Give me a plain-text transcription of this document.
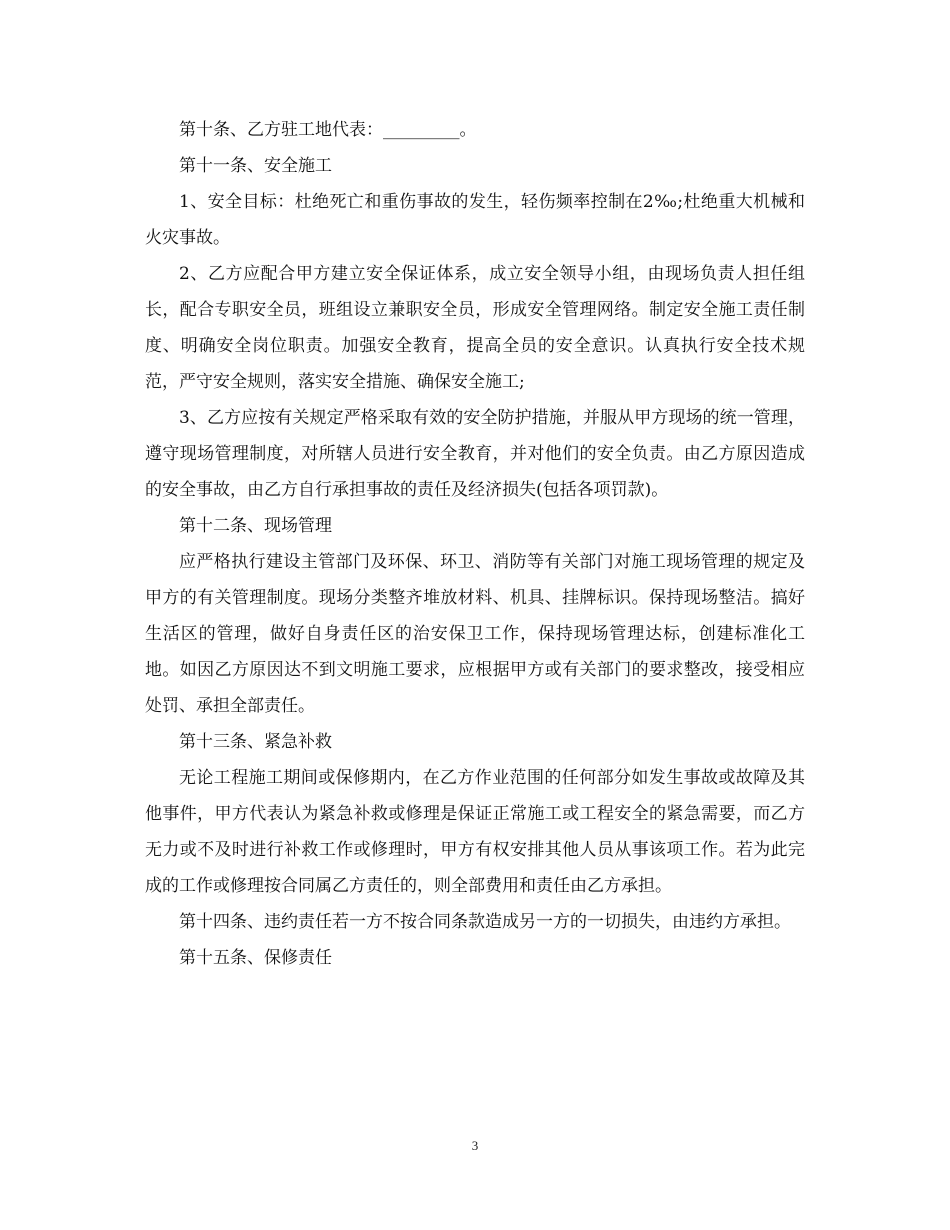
第十条、乙方驻工地代表：_________。

第十一条、安全施工

1、安全目标：杜绝死亡和重伤事故的发生，轻伤频率控制在2‰;杜绝重大机械和火灾事故。

2、乙方应配合甲方建立安全保证体系，成立安全领导小组，由现场负责人担任组长，配合专职安全员，班组设立兼职安全员，形成安全管理网络。制定安全施工责任制度、明确安全岗位职责。加强安全教育，提高全员的安全意识。认真执行安全技术规范，严守安全规则，落实安全措施、确保安全施工;

3、乙方应按有关规定严格采取有效的安全防护措施，并服从甲方现场的统一管理，遵守现场管理制度，对所辖人员进行安全教育，并对他们的安全负责。由乙方原因造成的安全事故，由乙方自行承担事故的责任及经济损失(包括各项罚款)。

第十二条、现场管理

应严格执行建设主管部门及环保、环卫、消防等有关部门对施工现场管理的规定及甲方的有关管理制度。现场分类整齐堆放材料、机具、挂牌标识。保持现场整洁。搞好生活区的管理，做好自身责任区的治安保卫工作，保持现场管理达标，创建标准化工地。如因乙方原因达不到文明施工要求，应根据甲方或有关部门的要求整改，接受相应处罚、承担全部责任。

第十三条、紧急补救

无论工程施工期间或保修期内，在乙方作业范围的任何部分如发生事故或故障及其他事件，甲方代表认为紧急补救或修理是保证正常施工或工程安全的紧急需要，而乙方无力或不及时进行补救工作或修理时，甲方有权安排其他人员从事该项工作。若为此完成的工作或修理按合同属乙方责任的，则全部费用和责任由乙方承担。

第十四条、违约责任若一方不按合同条款造成另一方的一切损失，由违约方承担。

第十五条、保修责任

3
